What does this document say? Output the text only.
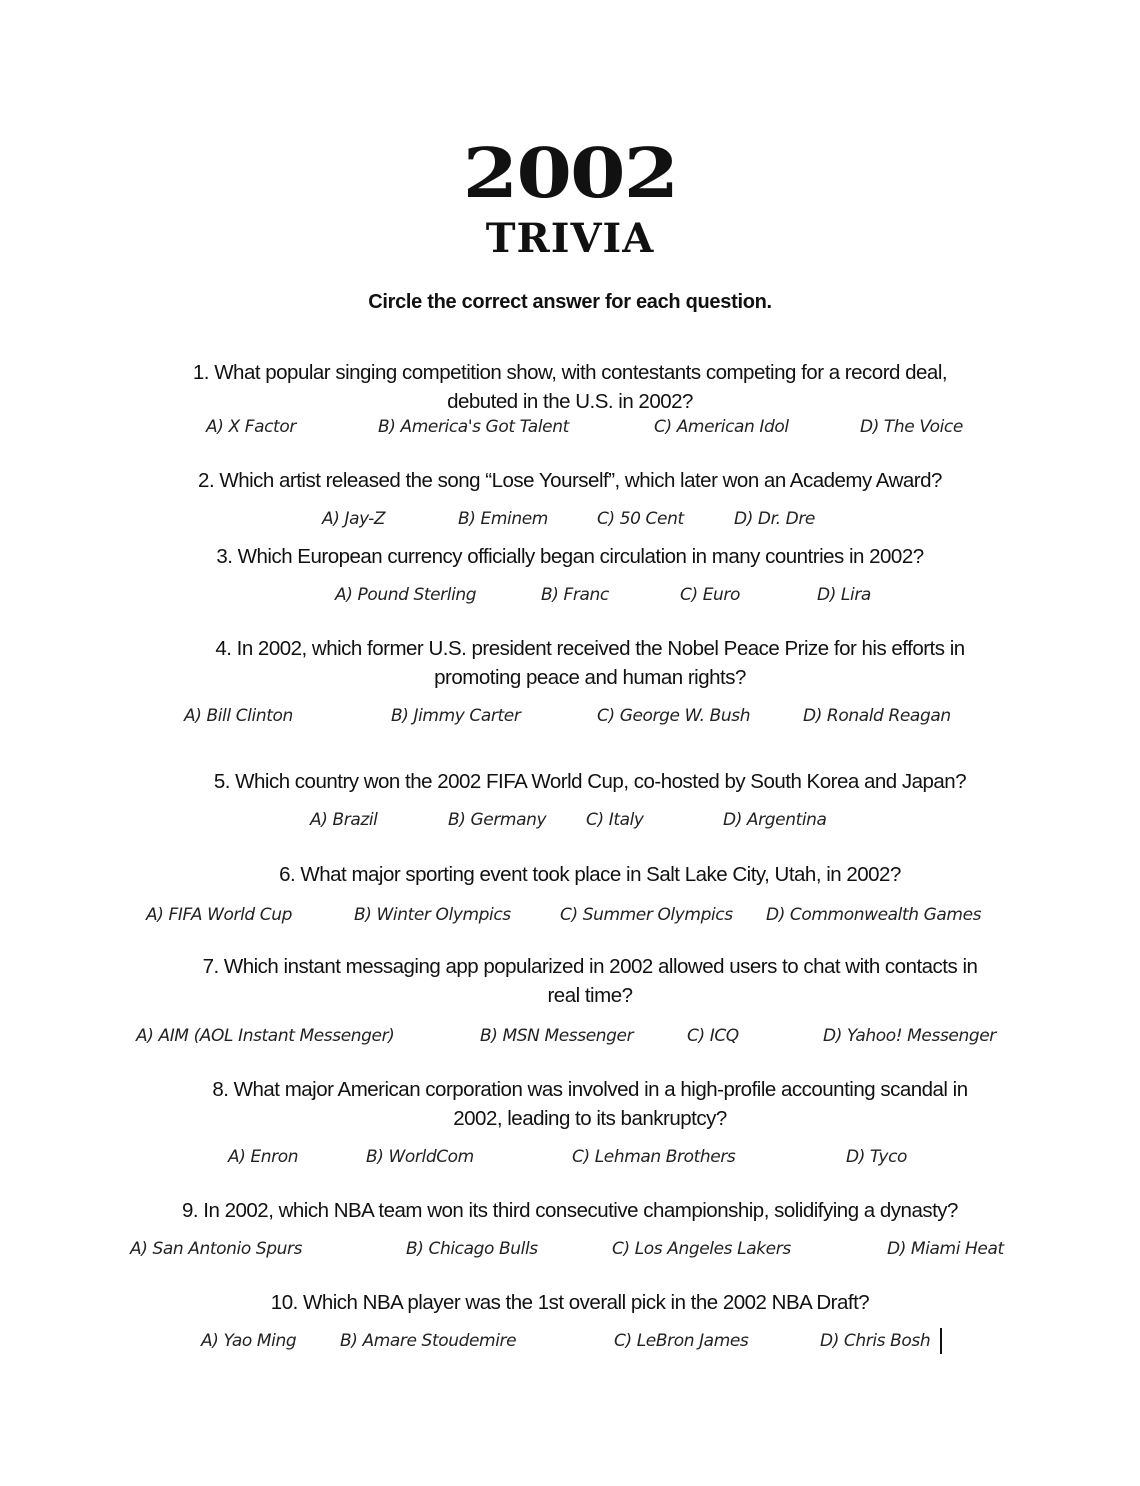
2002
TRIVIA
Circle the correct answer for each question.
1. What popular singing competition show, with contestants competing for a record deal,
debuted in the U.S. in 2002?
A) X Factor	B) America's Got Talent	C) American Idol	D) The Voice
2. Which artist released the song “Lose Yourself”, which later won an Academy Award?
A) Jay-Z	B) Eminem	C) 50 Cent	D) Dr. Dre
3. Which European currency officially began circulation in many countries in 2002?
A) Pound Sterling	B) Franc	C) Euro	D) Lira
4. In 2002, which former U.S. president received the Nobel Peace Prize for his efforts in
promoting peace and human rights?
A) Bill Clinton	B) Jimmy Carter	C) George W. Bush	D) Ronald Reagan
5. Which country won the 2002 FIFA World Cup, co-hosted by South Korea and Japan?
A) Brazil	B) Germany C) Italy	D) Argentina
6. What major sporting event took place in Salt Lake City, Utah, in 2002?
A) FIFA World Cup	B) Winter Olympics	C) Summer Olympics D) Commonwealth Games
7. Which instant messaging app popularized in 2002 allowed users to chat with contacts in
real time?
A) AIM (AOL Instant Messenger)	B) MSN Messenger	C) ICQ	D) Yahoo! Messenger
8. What major American corporation was involved in a high-profile accounting scandal in
2002, leading to its bankruptcy?
A) Enron	B) WorldCom	C) Lehman Brothers	D) Tyco
9. In 2002, which NBA team won its third consecutive championship, solidifying a dynasty?
A) San Antonio Spurs	B) Chicago Bulls	C) Los Angeles Lakers	D) Miami Heat
10. Which NBA player was the 1st overall pick in the 2002 NBA Draft?
A) Yao Ming	B) Amare Stoudemire	C) LeBron James	D) Chris Bosh
